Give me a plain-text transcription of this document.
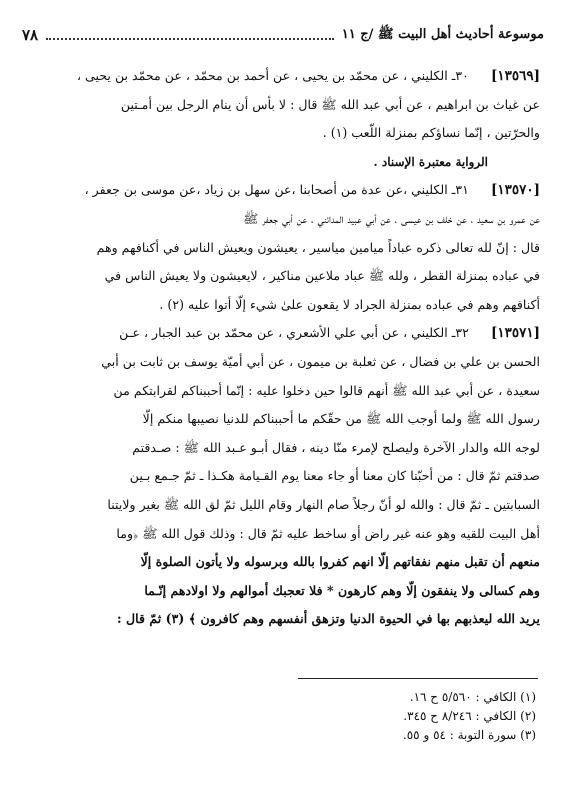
موسوعة أحاديث أهل البيت ﷺ /ج ١١
٧٨
[١٣٥٦٩]
٣٠ـ الكليني ، عن محمّد بن يحيى ، عن أحمد بن محمّد ، عن محمّد بن يحيى ،
عن غياث بن ابراهيم ، عن أبي عبد الله ﷺ قال : لا بأس أن ينام الرجل بين أمـتين
والحرّتين ، إنّما نساؤكم بمنزلة اللّعب (١) .
الرواية معتبرة الإسناد .
[١٣٥٧٠]
٣١ـ الكليني ،عن عدة من أصحابنا ،عن سهل بن زياد ،عن موسى بن جعفر ،
عن عمرو بن سعيد ، عن خلف بن عيسى ، عن أبي عبيد المدائني ، عن أبي جعفر ﷺ
قال : إنّ لله تعالى ذكره عباداً ميامين مياسير ، يعيشون ويعيش الناس في أكنافهم وهم
في عباده بمنزلة القطر ، ولله ﷺ عباد ملاعين مناكير ، لايعيشون ولا يعيش الناس في
أكنافهم وهم في عباده بمنزلة الجراد لا يقعون علىٰ شيء إلّا أتوا عليه (٢) .
[١٣٥٧١]
٣٢ـ الكليني ، عن أبي علي الأشعري ، عن محمّد بن عبد الجبار ، عـن
الحسن بن علي بن فضال ، عن ثعلبة بن ميمون ، عن أبي أميّة يوسف بن ثابت بن أبي
سعيدة ، عن أبي عبد الله ﷺ أنهم قالوا حين دخلوا عليه : إنّما أحببناكم لقرابتكم من
رسول الله ﷺ ولما أوجب الله ﷺ من حقّكم ما أحببناكم للدنيا نصيبها منكم إلّا
لوجه الله والدار الآخرة وليصلح لإمرء منّا دينه ، فقال أبـو عـبد الله ﷺ : صـدقتم
صدقتم ثمّ قال : من أحبّنا كان معنا أو جاء معنا يوم القـيامة هكـذا ـ ثمّ جـمع بـين
السبابتين ـ ثمّ قال : والله لو أنّ رجلاً صام النهار وقام الليل ثمّ لق الله ﷺ بغير ولايتنا
أهل البيت للقيه وهو عنه غير راض أو ساخط عليه ثمّ قال : وذلك قول الله ﷺ ﴿وما
منعهم أن تقبل منهم نفقاتهم إلّا انهم كفروا بالله وبرسوله ولا يأتون الصلوة إلّا
وهم كسالى ولا ينفقون إلّا وهم كارهون * فلا تعجبك أموالهم ولا اولادهم إنّـما
يريد الله ليعذبهم بها في الحيوة الدنيا وتزهق أنفسهم وهم كافرون ﴾ (٣) ثمّ قال :
(١) الكافي : ٥/٥٦٠ ح ١٦.
(٢) الكافي : ٨/٢٤٦ ح ٣٤٥.
(٣) سورة التوبة : ٥٤ و ٥٥.
